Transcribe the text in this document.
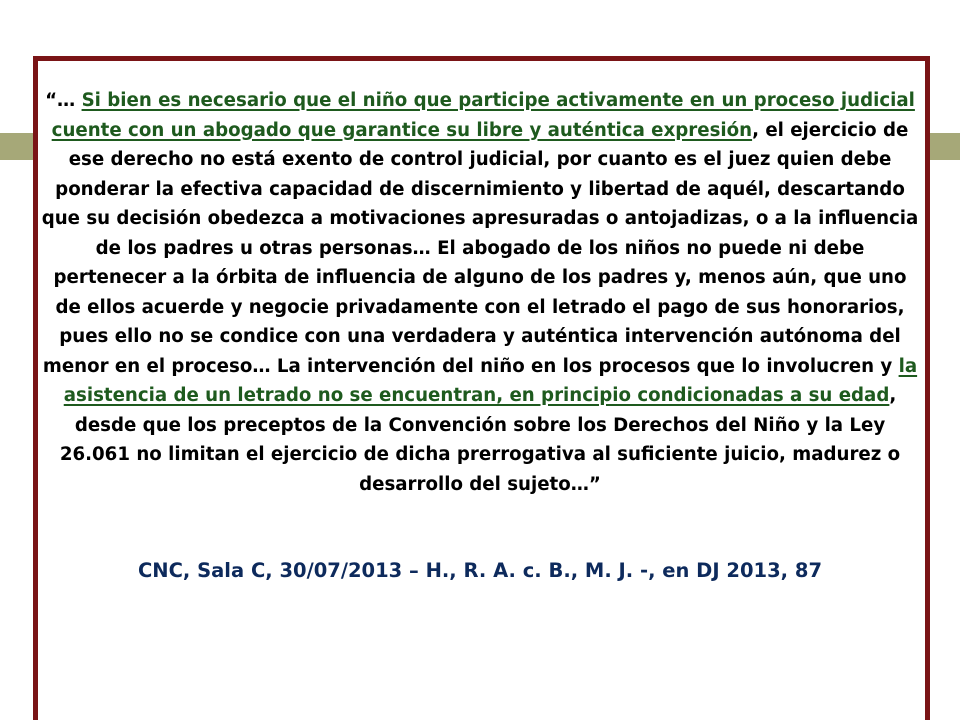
“… Si bien es necesario que el niño que participe activamente en un proceso judicial cuente con un abogado que garantice su libre y auténtica expresión, el ejercicio de ese derecho no está exento de control judicial, por cuanto es el juez quien debe ponderar la efectiva capacidad de discernimiento y libertad de aquél, descartando que su decisión obedezca a motivaciones apresuradas o antojadizas, o a la influencia de los padres u otras personas… El abogado de los niños no puede ni debe pertenecer a la órbita de influencia de alguno de los padres y, menos aún, que uno de ellos acuerde y negocie privadamente con el letrado el pago de sus honorarios, pues ello no se condice con una verdadera y auténtica intervención autónoma del menor en el proceso… La intervención del niño en los procesos que lo involucren y la asistencia de un letrado no se encuentran, en principio condicionadas a su edad, desde que los preceptos de la Convención sobre los Derechos del Niño y la Ley 26.061 no limitan el ejercicio de dicha prerrogativa al suficiente juicio, madurez o desarrollo del sujeto…”

CNC, Sala C, 30/07/2013 – H., R. A. c. B., M. J. -, en DJ 2013, 87
